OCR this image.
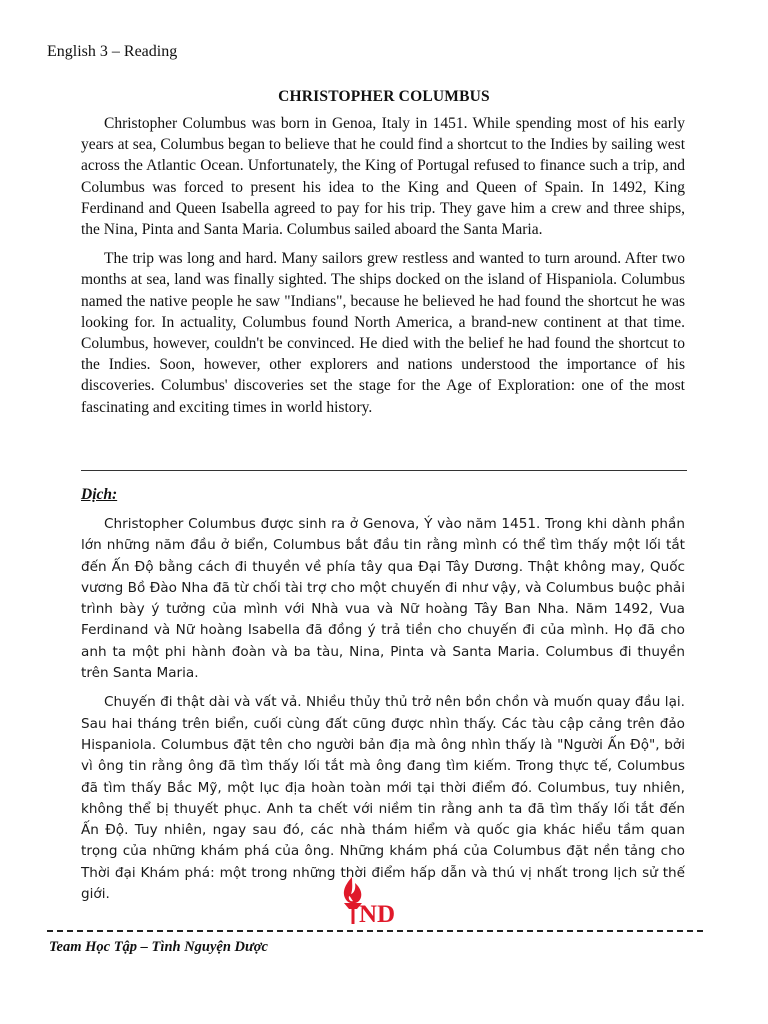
English 3 – Reading
CHRISTOPHER COLUMBUS

Christopher Columbus was born in Genoa, Italy in 1451. While spending most of his early years at sea, Columbus began to believe that he could find a shortcut to the Indies by sailing west across the Atlantic Ocean. Unfortunately, the King of Portugal refused to finance such a trip, and Columbus was forced to present his idea to the King and Queen of Spain. In 1492, King Ferdinand and Queen Isabella agreed to pay for his trip. They gave him a crew and three ships, the Nina, Pinta and Santa Maria. Columbus sailed aboard the Santa Maria.

The trip was long and hard. Many sailors grew restless and wanted to turn around. After two months at sea, land was finally sighted. The ships docked on the island of Hispaniola. Columbus named the native people he saw "Indians", because he believed he had found the shortcut he was looking for. In actuality, Columbus found North America, a brand-new continent at that time. Columbus, however, couldn't be convinced. He died with the belief he had found the shortcut to the Indies. Soon, however, other explorers and nations understood the importance of his discoveries. Columbus' discoveries set the stage for the Age of Exploration: one of the most fascinating and exciting times in world history.

Dịch:

Christopher Columbus được sinh ra ở Genova, Ý vào năm 1451. Trong khi dành phần lớn những năm đầu ở biển, Columbus bắt đầu tin rằng mình có thể tìm thấy một lối tắt đến Ấn Độ bằng cách đi thuyền về phía tây qua Đại Tây Dương. Thật không may, Quốc vương Bồ Đào Nha đã từ chối tài trợ cho một chuyến đi như vậy, và Columbus buộc phải trình bày ý tưởng của mình với Nhà vua và Nữ hoàng Tây Ban Nha. Năm 1492, Vua Ferdinand và Nữ hoàng Isabella đã đồng ý trả tiền cho chuyến đi của mình. Họ đã cho anh ta một phi hành đoàn và ba tàu, Nina, Pinta và Santa Maria. Columbus đi thuyền trên Santa Maria.

Chuyến đi thật dài và vất vả. Nhiều thủy thủ trở nên bồn chồn và muốn quay đầu lại. Sau hai tháng trên biển, cuối cùng đất cũng được nhìn thấy. Các tàu cập cảng trên đảo Hispaniola. Columbus đặt tên cho người bản địa mà ông nhìn thấy là "Người Ấn Độ", bởi vì ông tin rằng ông đã tìm thấy lối tắt mà ông đang tìm kiếm. Trong thực tế, Columbus đã tìm thấy Bắc Mỹ, một lục địa hoàn toàn mới tại thời điểm đó. Columbus, tuy nhiên, không thể bị thuyết phục. Anh ta chết với niềm tin rằng anh ta đã tìm thấy lối tắt đến Ấn Độ. Tuy nhiên, ngay sau đó, các nhà thám hiểm và quốc gia khác hiểu tầm quan trọng của những khám phá của ông. Những khám phá của Columbus đặt nền tảng cho Thời đại Khám phá: một trong những thời điểm hấp dẫn và thú vị nhất trong lịch sử thế giới.

ND
Team Học Tập – Tình Nguyện Dược
